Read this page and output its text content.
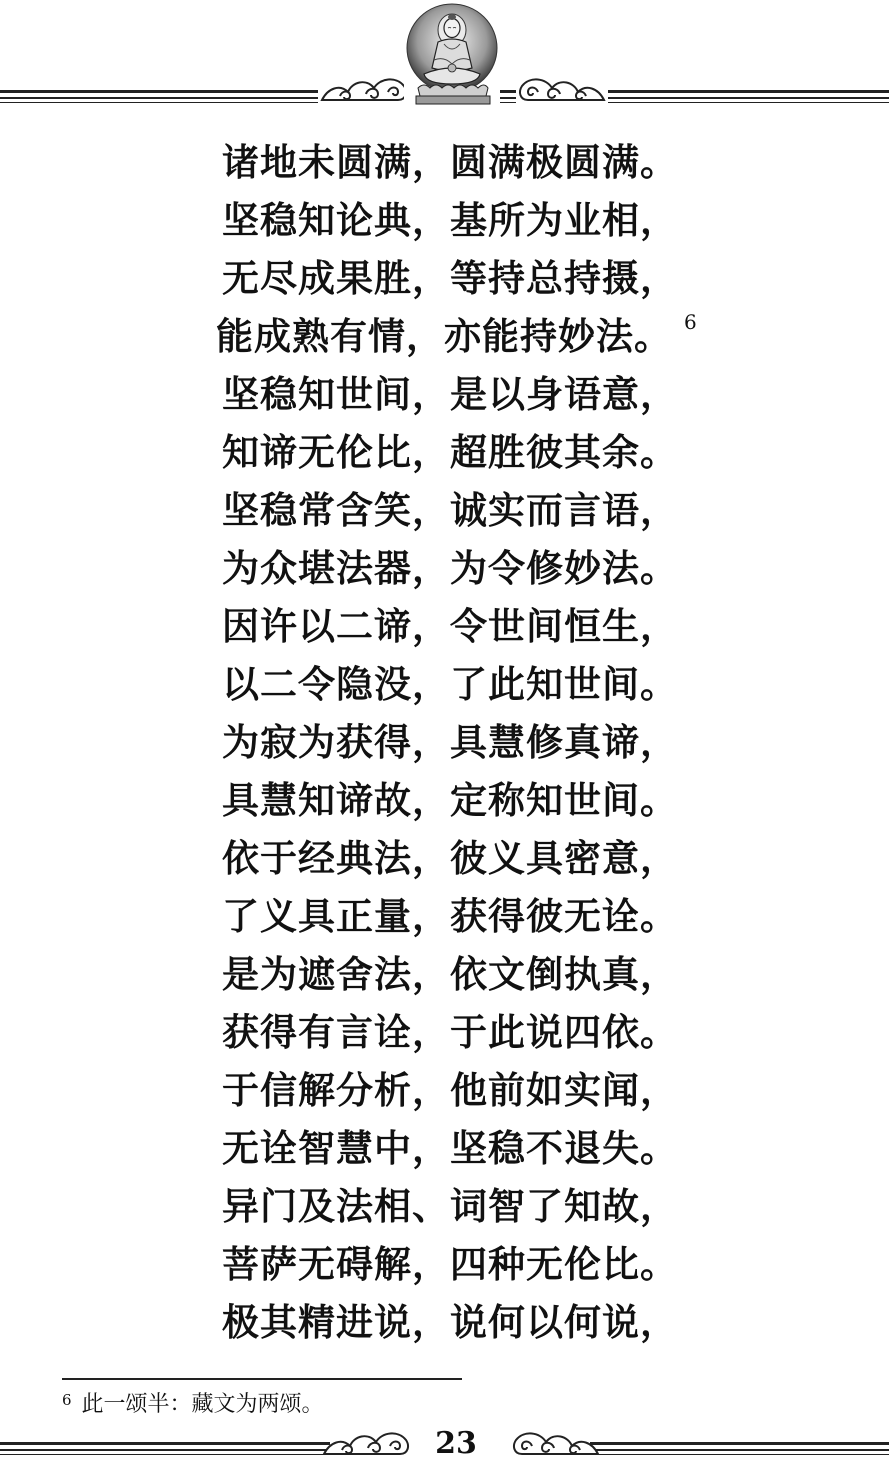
诸地未圆满，圆满极圆满。
坚稳知论典，基所为业相，
无尽成果胜，等持总持摄，
能成熟有情，亦能持妙法。 6
坚稳知世间，是以身语意，
知谛无伦比，超胜彼其余。
坚稳常含笑，诚实而言语，
为众堪法器，为令修妙法。
因许以二谛，令世间恒生，
以二令隐没，了此知世间。
为寂为获得，具慧修真谛，
具慧知谛故，定称知世间。
依于经典法，彼义具密意，
了义具正量，获得彼无诠。
是为遮舍法，依文倒执真，
获得有言诠，于此说四依。
于信解分析，他前如实闻，
无诠智慧中，坚稳不退失。
异门及法相、词智了知故，
菩萨无碍解，四种无伦比。
极其精进说，说何以何说，
$^6$ 此一颂半：藏文为两颂。
23
